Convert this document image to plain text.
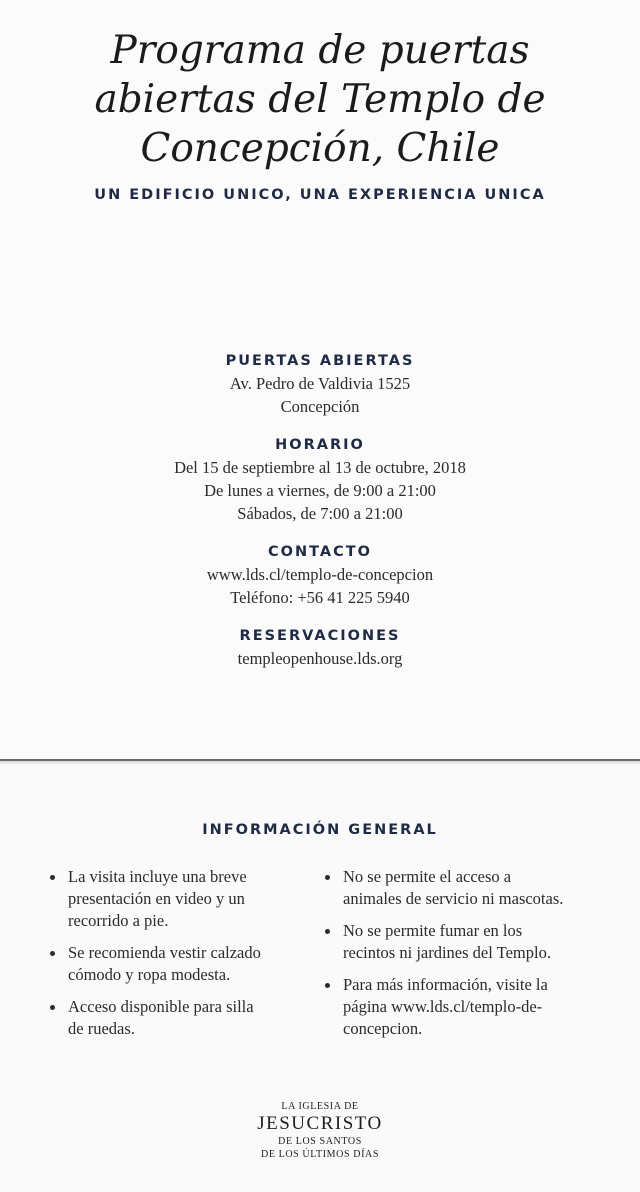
Programa de puertas
abiertas del Templo de
Concepción, Chile
UN EDIFICIO UNICO, UNA EXPERIENCIA UNICA
PUERTAS ABIERTAS
Av. Pedro de Valdivia 1525
Concepción
HORARIO
Del 15 de septiembre al 13 de octubre, 2018
De lunes a viernes, de 9:00 a 21:00
Sábados, de 7:00 a 21:00
CONTACTO
www.lds.cl/templo-de-concepcion
Teléfono: +56 41 225 5940
RESERVACIONES
templeopenhouse.lds.org
INFORMACIÓN GENERAL
La visita incluye una breve
presentación en video y un
recorrido a pie.
Se recomienda vestir calzado
cómodo y ropa modesta.
Acceso disponible para silla
de ruedas.
No se permite el acceso a
animales de servicio ni mascotas.
No se permite fumar en los
recintos ni jardines del Templo.
Para más información, visite la
página www.lds.cl/templo-de-
concepcion.
LA IGLESIA DE
JESUCRISTO
DE LOS SANTOS
DE LOS ÚLTIMOS DÍAS
